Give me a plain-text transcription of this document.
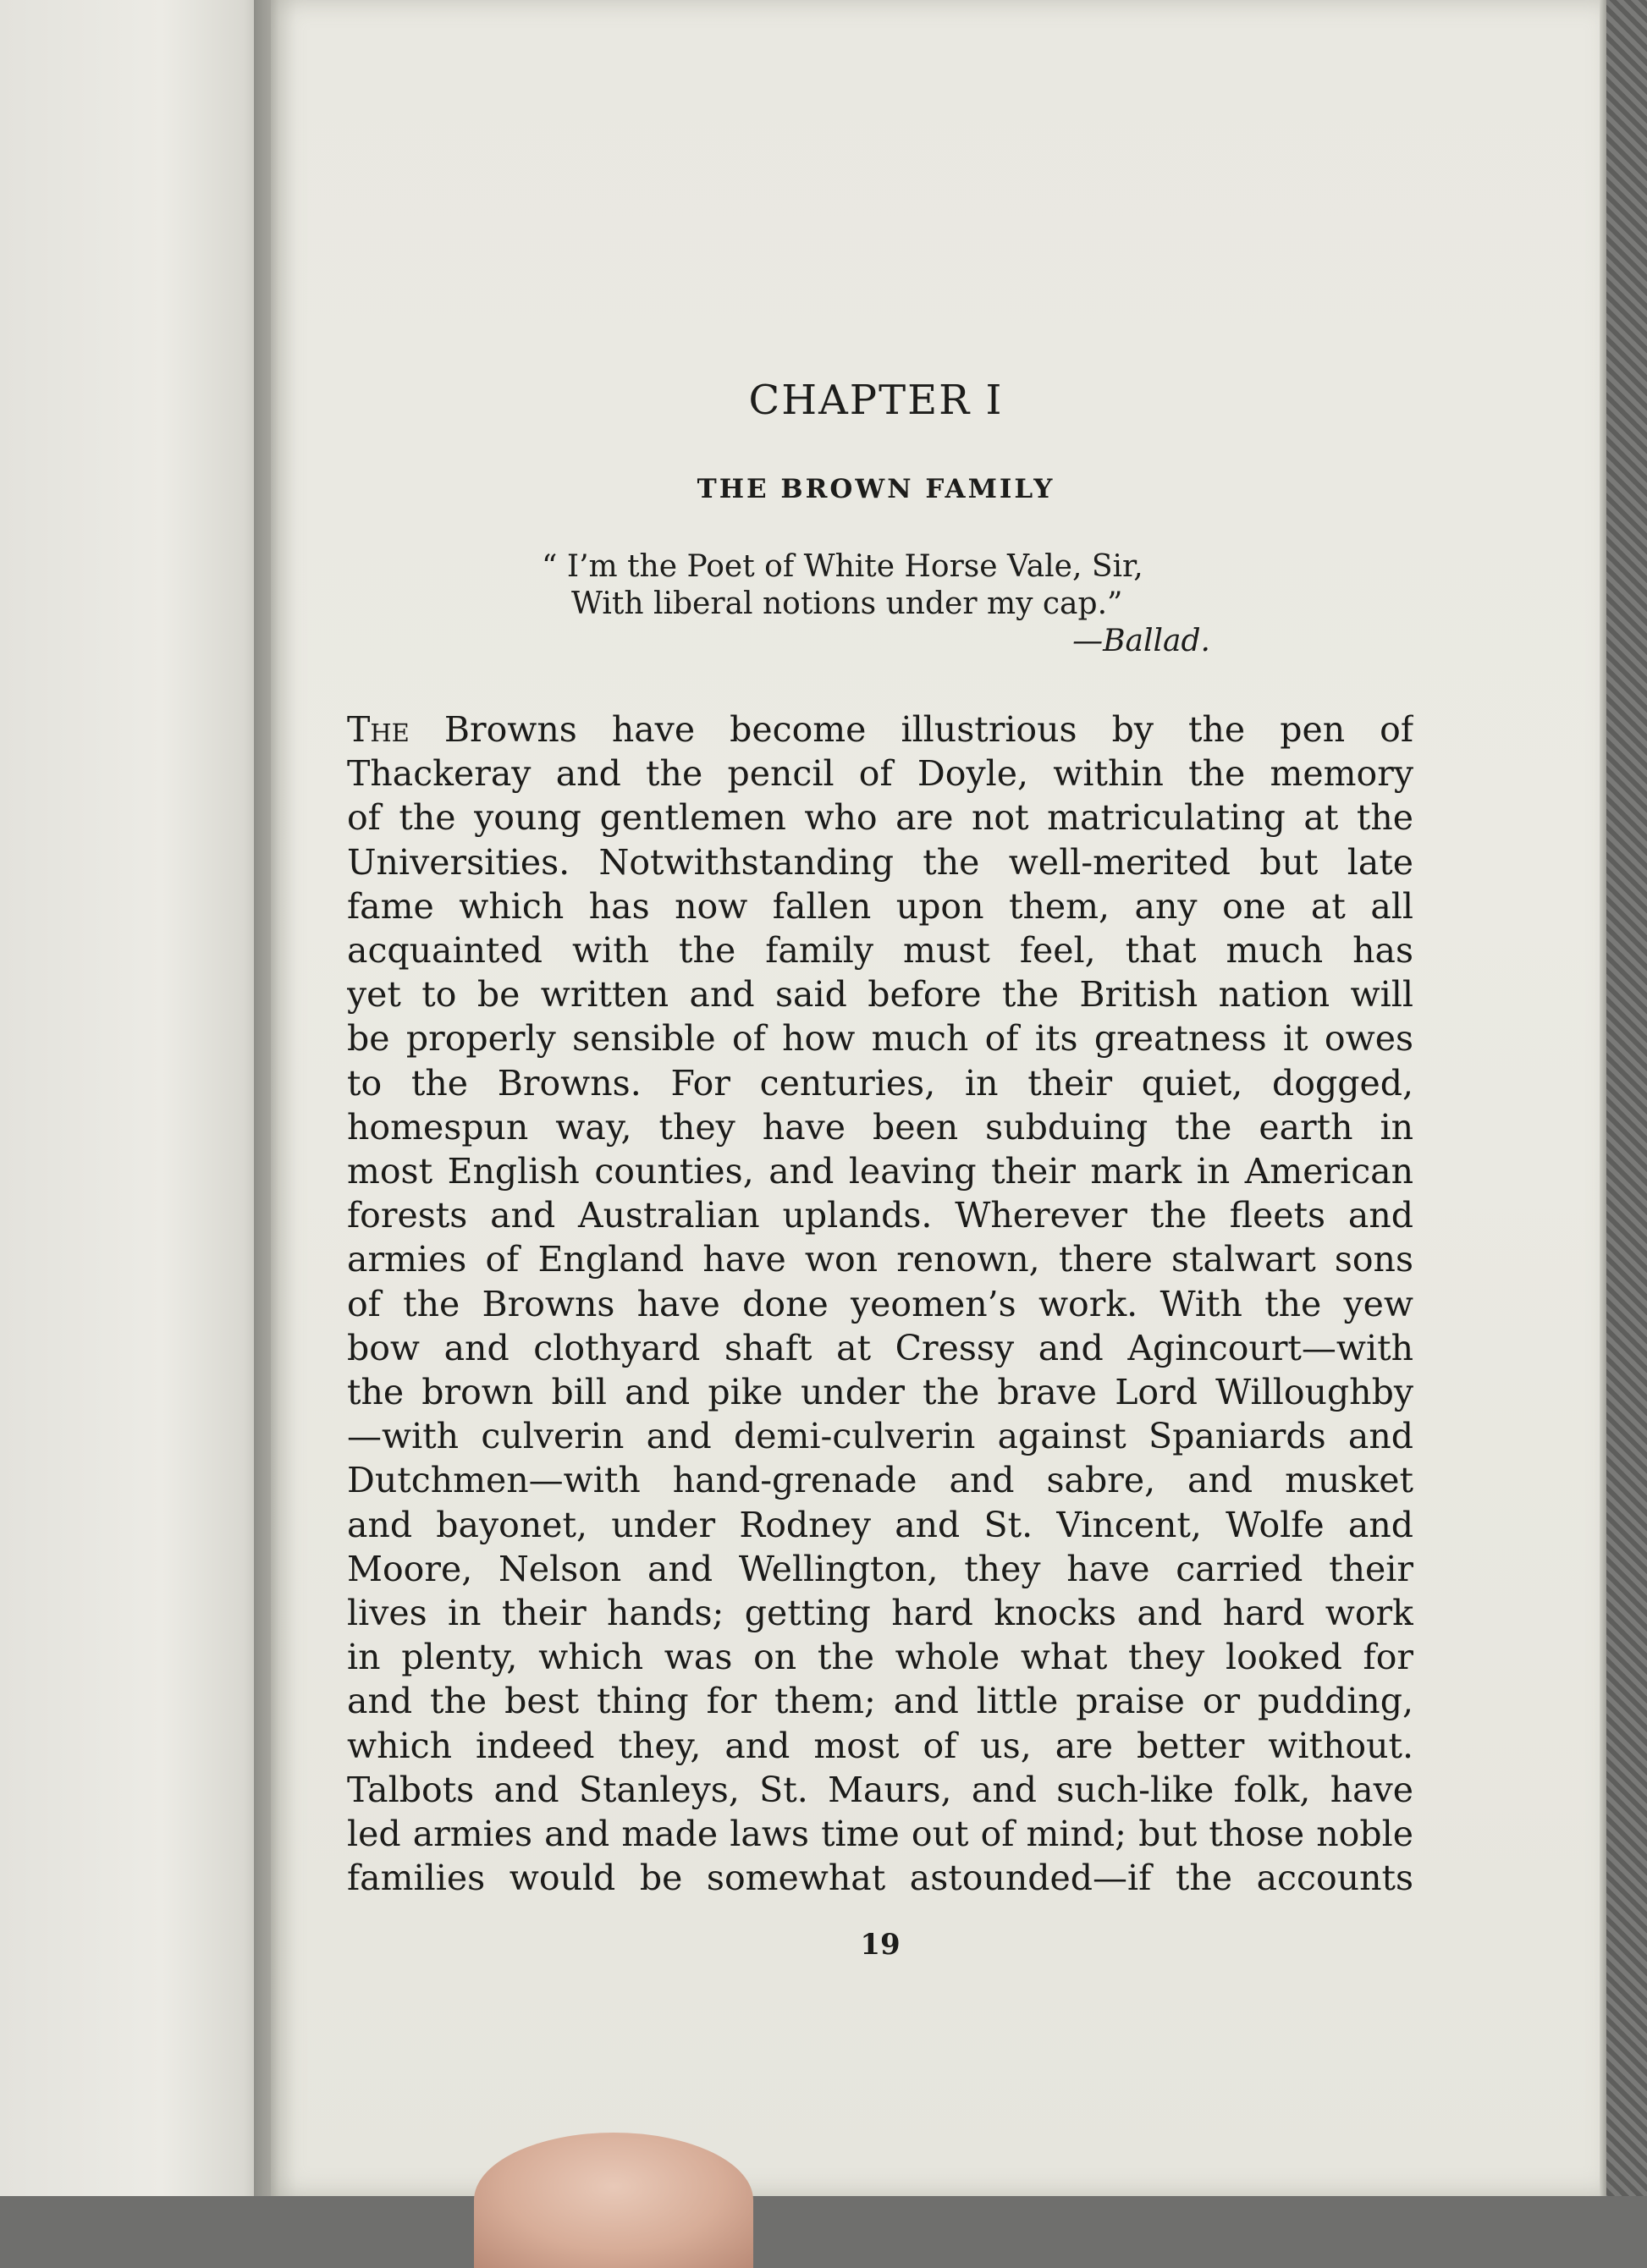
CHAPTER I
THE BROWN FAMILY
“ I’m the Poet of White Horse Vale, Sir,
With liberal notions under my cap.”
—Ballad.
The Browns have become illustrious by the pen of
Thackeray and the pencil of Doyle, within the memory
of the young gentlemen who are not matriculating at the
Universities. Notwithstanding the well-merited but late
fame which has now fallen upon them, any one at all
acquainted with the family must feel, that much has
yet to be written and said before the British nation will
be properly sensible of how much of its greatness it owes
to the Browns. For centuries, in their quiet, dogged,
homespun way, they have been subduing the earth in
most English counties, and leaving their mark in American
forests and Australian uplands. Wherever the fleets and
armies of England have won renown, there stalwart sons
of the Browns have done yeomen’s work. With the yew
bow and clothyard shaft at Cressy and Agincourt—with
the brown bill and pike under the brave Lord Willoughby
—with culverin and demi-culverin against Spaniards and
Dutchmen—with hand-grenade and sabre, and musket
and bayonet, under Rodney and St. Vincent, Wolfe and
Moore, Nelson and Wellington, they have carried their
lives in their hands; getting hard knocks and hard work
in plenty, which was on the whole what they looked for
and the best thing for them; and little praise or pudding,
which indeed they, and most of us, are better without.
Talbots and Stanleys, St. Maurs, and such-like folk, have
led armies and made laws time out of mind; but those noble
families would be somewhat astounded—if the accounts
19
